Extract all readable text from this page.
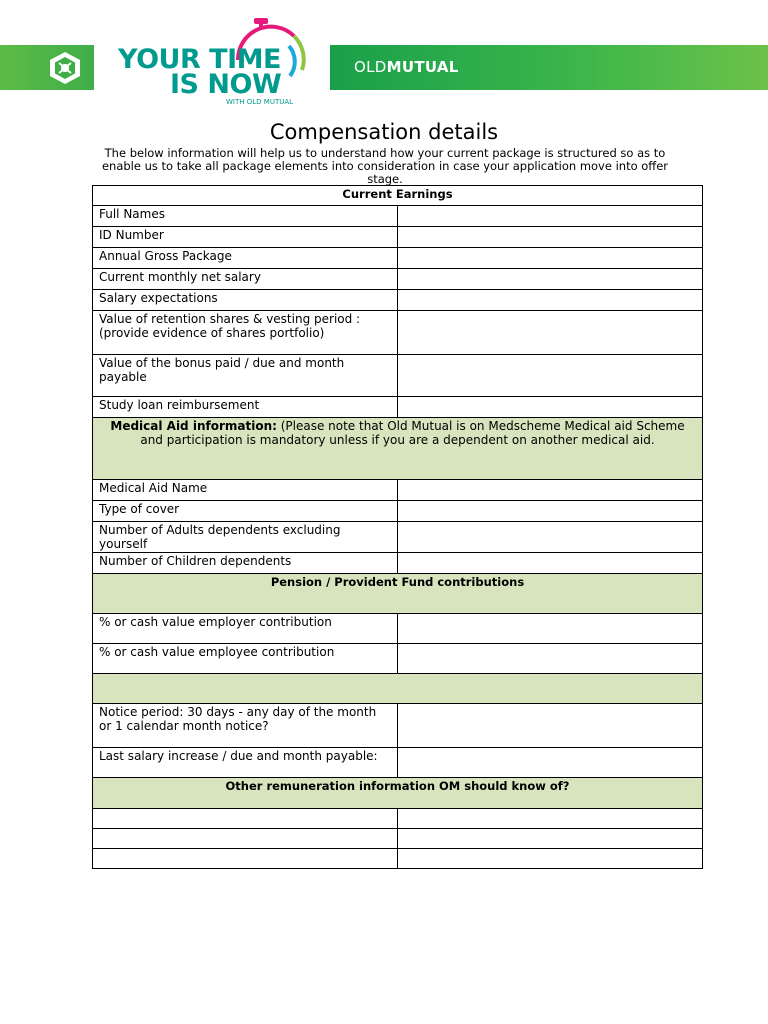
YOUR TIME
IS NOW
WITH OLD MUTUAL
OLDMUTUAL
Compensation details
The below information will help us to understand how your current package is structured so as to enable us to take all package elements into consideration in case your application move into offer stage.
Current Earnings	
Full Names	
ID Number	
Annual Gross Package	
Current monthly net salary	
Salary expectations	
Value of retention shares & vesting period : (provide evidence of shares portfolio)	
Value of the bonus paid / due and month payable	
Study loan reimbursement	
Medical Aid information: (Please note that Old Mutual is on Medscheme Medical aid Scheme and participation is mandatory unless if you are a dependent on another medical aid.	
Medical Aid Name	
Type of cover	
Number of Adults dependents excluding yourself	
Number of Children dependents	
Pension / Provident Fund contributions	
% or cash value employer contribution	
% or cash value employee contribution	

Notice period: 30 days - any day of the month or 1 calendar month notice?	
Last salary increase / due and month payable:	
Other remuneration information OM should know of?	
